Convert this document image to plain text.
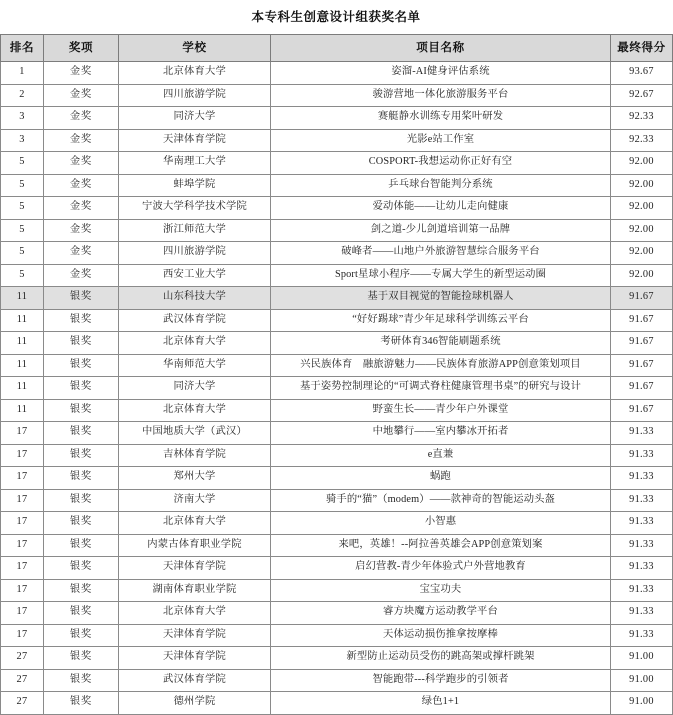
本专科生创意设计组获奖名单
排名	奖项	学校	项目名称	最终得分
1	金奖	北京体育大学	姿溜-AI健身评估系统	93.67
2	金奖	四川旅游学院	骏游营地一体化旅游服务平台	92.67
3	金奖	同济大学	赛艇静水训练专用桨叶研发	92.33
3	金奖	天津体育学院	光影e站工作室	92.33
5	金奖	华南理工大学	COSPORT-我想运动你正好有空	92.00
5	金奖	蚌埠学院	乒乓球台智能判分系统	92.00
5	金奖	宁波大学科学技术学院	爱动体能——让幼儿走向健康	92.00
5	金奖	浙江师范大学	剑之道-少儿剑道培训第一品牌	92.00
5	金奖	四川旅游学院	破峰者——山地户外旅游智慧综合服务平台	92.00
5	金奖	西安工业大学	Sport星球小程序——专属大学生的新型运动圈	92.00
11	银奖	山东科技大学	基于双目视觉的智能捡球机器人	91.67
11	银奖	武汉体育学院	“好好踢球”青少年足球科学训练云平台	91.67
11	银奖	北京体育大学	考研体育346智能刷题系统	91.67
11	银奖	华南师范大学	兴民族体育　融旅游魅力——民族体育旅游APP创意策划项目	91.67
11	银奖	同济大学	基于姿势控制理论的“可调式脊柱健康管理书桌”的研究与设计	91.67
11	银奖	北京体育大学	野蛮生长——青少年户外课堂	91.67
17	银奖	中国地质大学（武汉）	中地攀行——室内攀冰开拓者	91.33
17	银奖	吉林体育学院	e直兼	91.33
17	银奖	郑州大学	蜗跑	91.33
17	银奖	济南大学	骑手的“猫”（modem）——款神奇的智能运动头盔	91.33
17	银奖	北京体育大学	小智惠	91.33
17	银奖	内蒙古体育职业学院	来吧，英雄！--阿拉善英雄会APP创意策划案	91.33
17	银奖	天津体育学院	启幻营教-青少年体验式户外营地教育	91.33
17	银奖	湖南体育职业学院	宝宝功夫	91.33
17	银奖	北京体育大学	睿方块魔方运动教学平台	91.33
17	银奖	天津体育学院	天体运动损伤推拿按摩棒	91.33
27	银奖	天津体育学院	新型防止运动员受伤的跳高架或撑杆跳架	91.00
27	银奖	武汉体育学院	智能跑带---科学跑步的引领者	91.00
27	银奖	德州学院	绿色1+1	91.00
